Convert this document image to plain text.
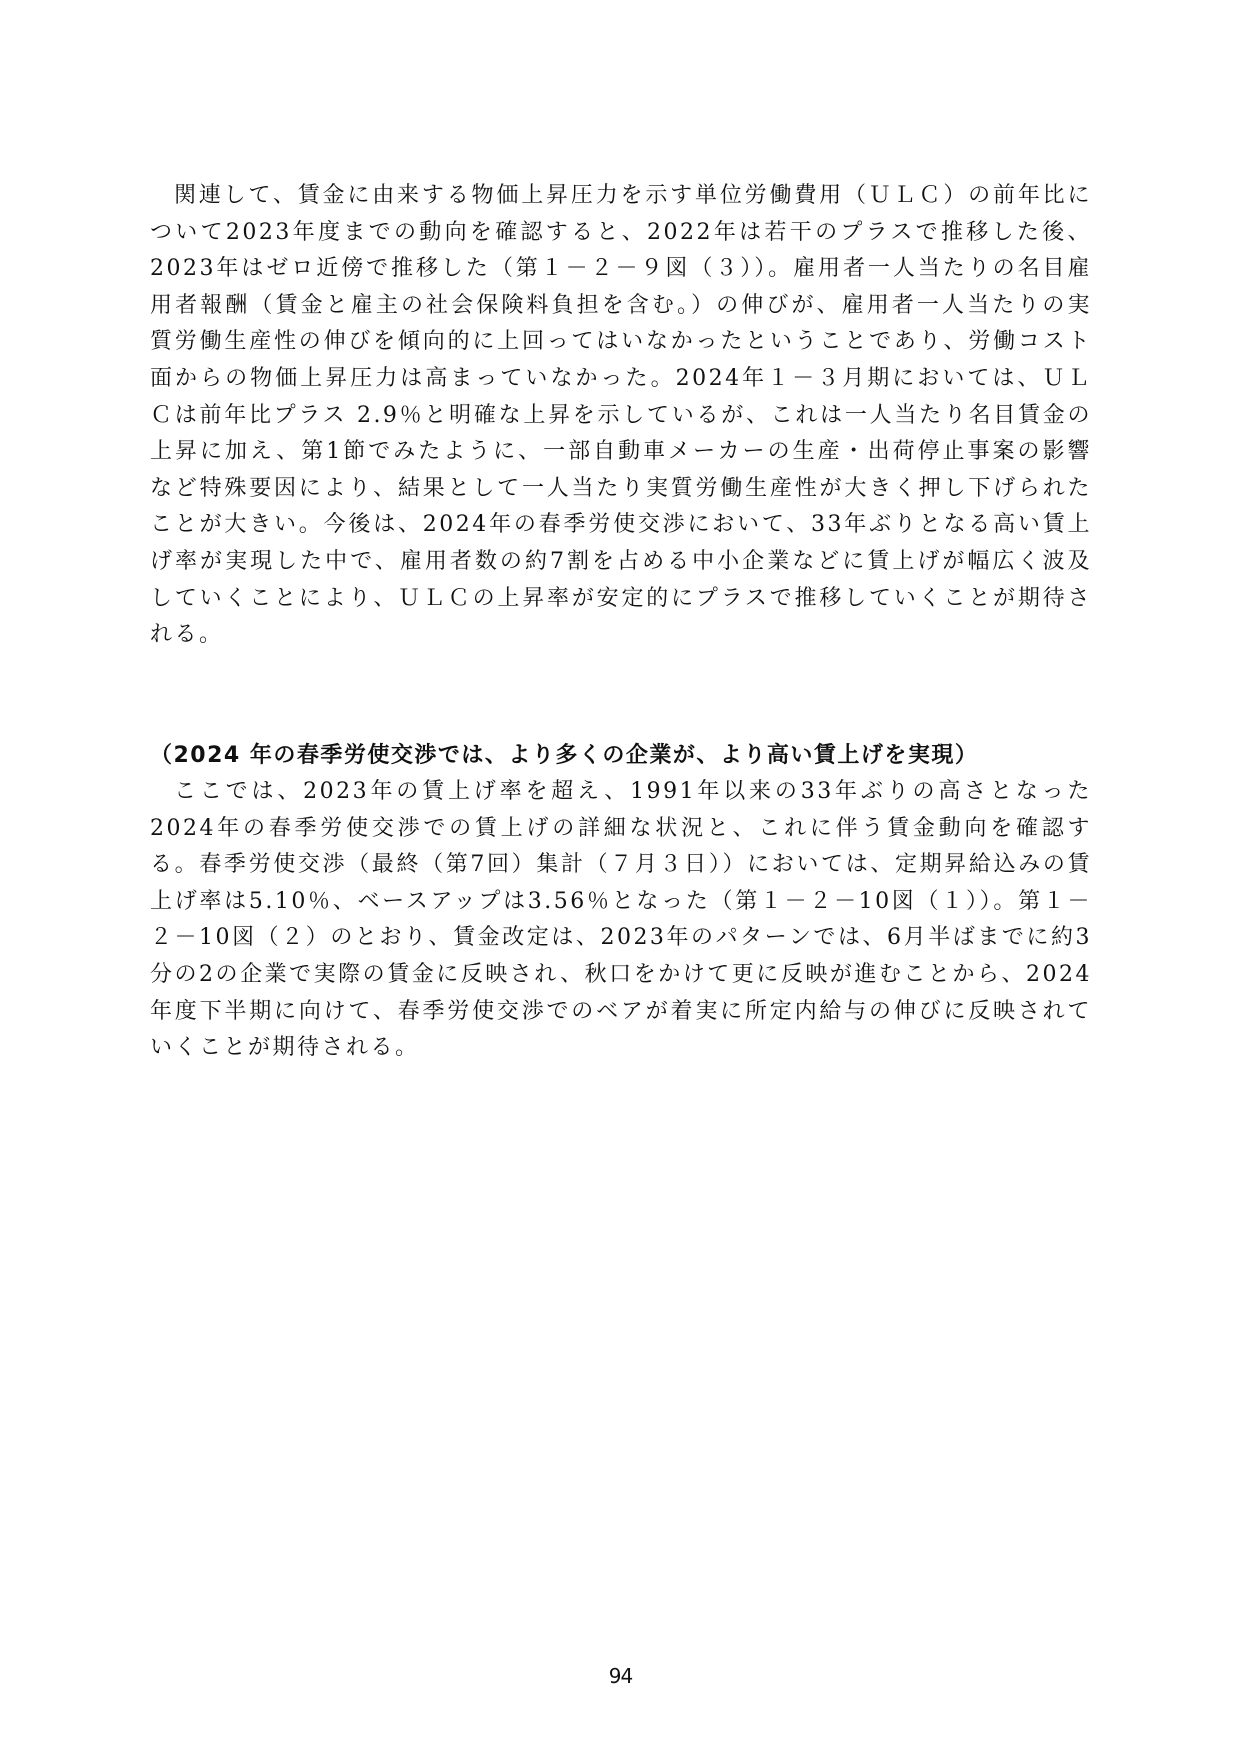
関連して、賃金に由来する物価上昇圧力を示す単位労働費用（ＵＬＣ）の前年比について2023年度までの動向を確認すると、2022年は若干のプラスで推移した後、2023年はゼロ近傍で推移した（第１－２－９図（３））。雇用者一人当たりの名目雇用者報酬（賃金と雇主の社会保険料負担を含む。）の伸びが、雇用者一人当たりの実質労働生産性の伸びを傾向的に上回ってはいなかったということであり、労働コスト面からの物価上昇圧力は高まっていなかった。2024年１－３月期においては、ＵＬＣは前年比プラス 2.9％と明確な上昇を示しているが、これは一人当たり名目賃金の上昇に加え、第1節でみたように、一部自動車メーカーの生産・出荷停止事案の影響など特殊要因により、結果として一人当たり実質労働生産性が大きく押し下げられたことが大きい。今後は、2024年の春季労使交渉において、33年ぶりとなる高い賃上げ率が実現した中で、雇用者数の約7割を占める中小企業などに賃上げが幅広く波及していくことにより、ＵＬＣの上昇率が安定的にプラスで推移していくことが期待される。

（2024 年の春季労使交渉では、より多くの企業が、より高い賃上げを実現）

ここでは、2023年の賃上げ率を超え、1991年以来の33年ぶりの高さとなった2024年の春季労使交渉での賃上げの詳細な状況と、これに伴う賃金動向を確認する。春季労使交渉（最終（第7回）集計（７月３日））においては、定期昇給込みの賃上げ率は5.10％、ベースアップは3.56％となった（第１－２－10図（１））。第１－２－10図（２）のとおり、賃金改定は、2023年のパターンでは、6月半ばまでに約3分の2の企業で実際の賃金に反映され、秋口をかけて更に反映が進むことから、2024年度下半期に向けて、春季労使交渉でのベアが着実に所定内給与の伸びに反映されていくことが期待される。

94
